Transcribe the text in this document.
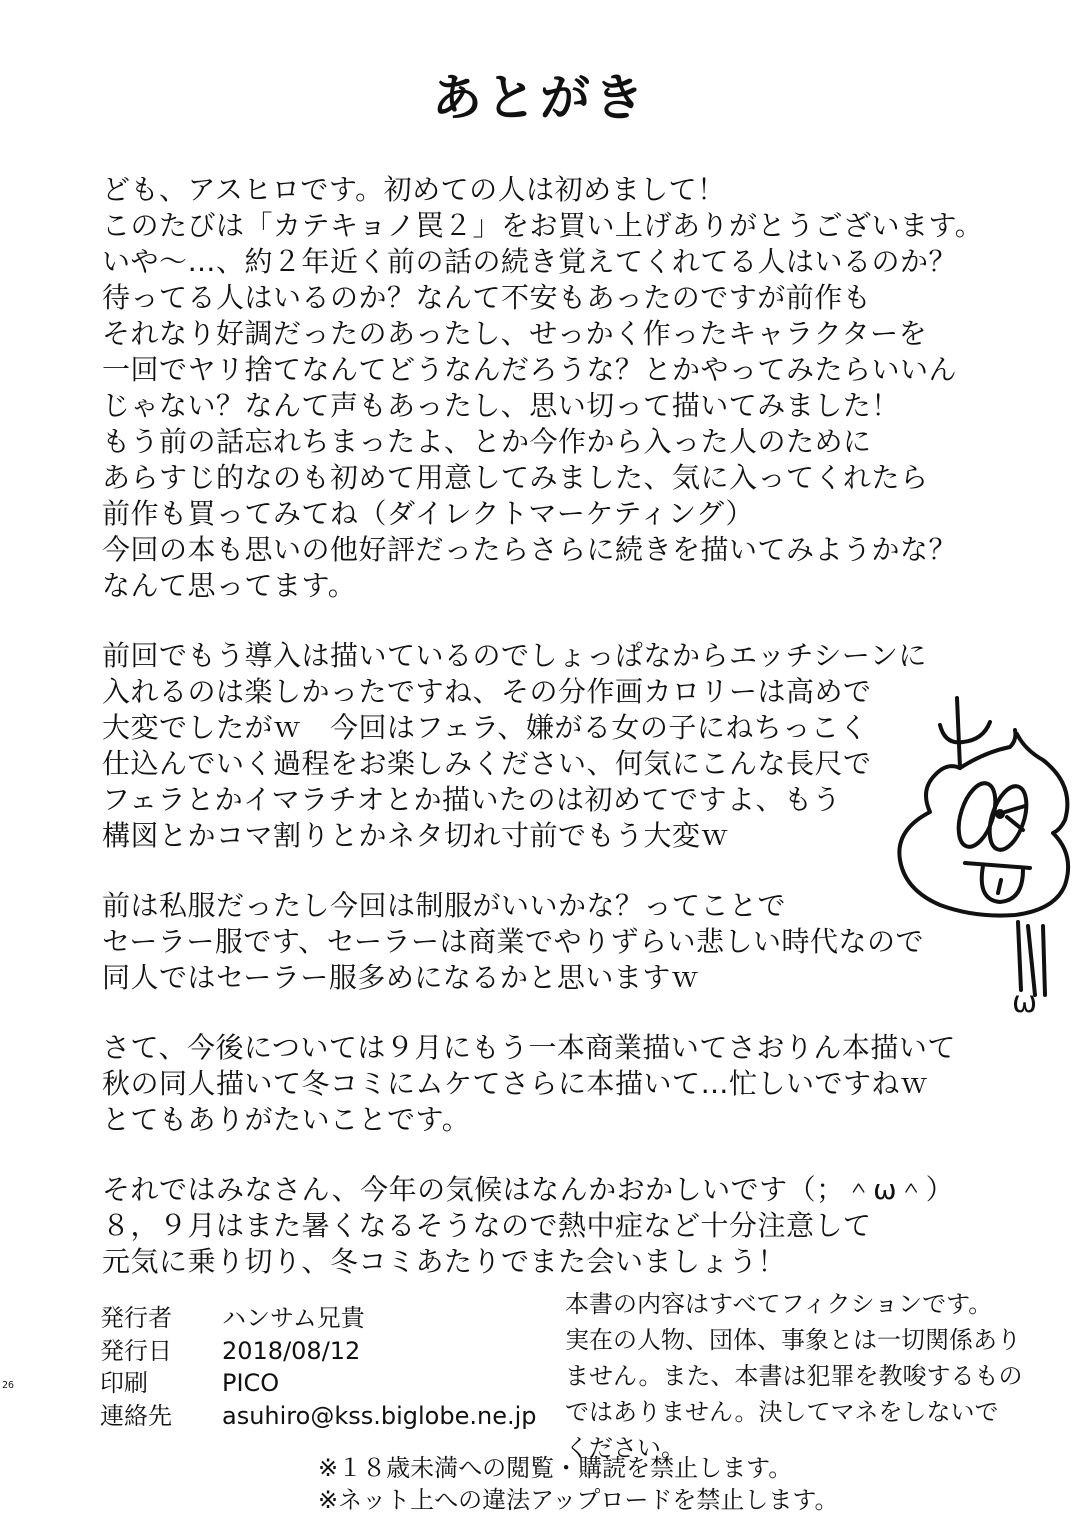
あとがき

ども、アスヒロです。初めての人は初めまして！
このたびは「カテキョノ罠２」をお買い上げありがとうございます。
いや～…、約２年近く前の話の続き覚えてくれてる人はいるのか？
待ってる人はいるのか？なんて不安もあったのですが前作も
それなり好調だったのあったし、せっかく作ったキャラクターを
一回でヤリ捨てなんてどうなんだろうな？とかやってみたらいいん
じゃない？なんて声もあったし、思い切って描いてみました！
もう前の話忘れちまったよ、とか今作から入った人のために
あらすじ的なのも初めて用意してみました、気に入ってくれたら
前作も買ってみてね（ダイレクトマーケティング）
今回の本も思いの他好評だったらさらに続きを描いてみようかな？
なんて思ってます。

前回でもう導入は描いているのでしょっぱなからエッチシーンに
入れるのは楽しかったですね、その分作画カロリーは高めで
大変でしたがｗ　今回はフェラ、嫌がる女の子にねちっこく
仕込んでいく過程をお楽しみください、何気にこんな長尺で
フェラとかイマラチオとか描いたのは初めてですよ、もう
構図とかコマ割りとかネタ切れ寸前でもう大変ｗ

前は私服だったし今回は制服がいいかな？ってことで
セーラー服です、セーラーは商業でやりずらい悲しい時代なので
同人ではセーラー服多めになるかと思いますｗ

さて、今後については９月にもう一本商業描いてさおりん本描いて
秋の同人描いて冬コミにムケてさらに本描いて…忙しいですねｗ
とてもありがたいことです。

それではみなさん、今年の気候はなんかおかしいです（；＾ω＾）
８，９月はまた暑くなるそうなので熱中症など十分注意して
元気に乗り切り、冬コミあたりでまた会いましょう！

ω
発行者	ハンサム兄貴
発行日	2018/08/12
印刷	PICO
連絡先	asuhiro@kss.biglobe.ne.jp
本書の内容はすべてフィクションです。
実在の人物、団体、事象とは一切関係あり
ません。また、本書は犯罪を教唆するもの
ではありません。決してマネをしないで
ください。
※１８歳未満への閲覧・購読を禁止します。
※ネット上への違法アップロードを禁止します。
26
